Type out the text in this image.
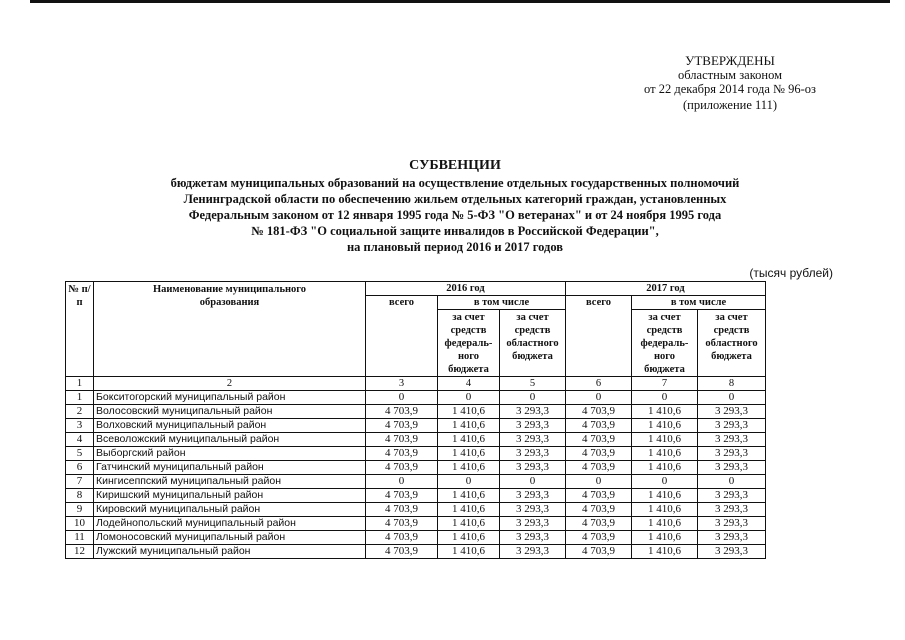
УТВЕРЖДЕНЫ
областным законом
от 22 декабря 2014 года № 96-оз
(приложение 111)
СУБВЕНЦИИ
бюджетам муниципальных образований на осуществление отдельных государственных полномочий
Ленинградской области по обеспечению жильем отдельных категорий граждан, установленных
Федеральным законом от 12 января 1995 года № 5-ФЗ "О ветеранах" и от 24 ноября 1995 года
№ 181-ФЗ "О социальной защите инвалидов в Российской Федерации",
на плановый период 2016 и 2017 годов
(тысяч рублей)
№ п/п	Наименование муниципального образования	2016 год			2017 год		
		всего	в том числе		всего	в том числе	
			за счет средств федераль- ного бюджета	за счет средств областного бюджета		за счет средств федераль- ного бюджета	за счет средств областного бюджета
1	2	3	4	5	6	7	8
1	Бокситогорский муниципальный район	0	0	0	0	0	0
2	Волосовский муниципальный район	4 703,9	1 410,6	3 293,3	4 703,9	1 410,6	3 293,3
3	Волховский муниципальный район	4 703,9	1 410,6	3 293,3	4 703,9	1 410,6	3 293,3
4	Всеволожский муниципальный район	4 703,9	1 410,6	3 293,3	4 703,9	1 410,6	3 293,3
5	Выборгский район	4 703,9	1 410,6	3 293,3	4 703,9	1 410,6	3 293,3
6	Гатчинский муниципальный район	4 703,9	1 410,6	3 293,3	4 703,9	1 410,6	3 293,3
7	Кингисеппский муниципальный район	0	0	0	0	0	0
8	Киришский муниципальный район	4 703,9	1 410,6	3 293,3	4 703,9	1 410,6	3 293,3
9	Кировский муниципальный район	4 703,9	1 410,6	3 293,3	4 703,9	1 410,6	3 293,3
10	Лодейнопольский муниципальный район	4 703,9	1 410,6	3 293,3	4 703,9	1 410,6	3 293,3
11	Ломоносовский муниципальный район	4 703,9	1 410,6	3 293,3	4 703,9	1 410,6	3 293,3
12	Лужский муниципальный район	4 703,9	1 410,6	3 293,3	4 703,9	1 410,6	3 293,3
